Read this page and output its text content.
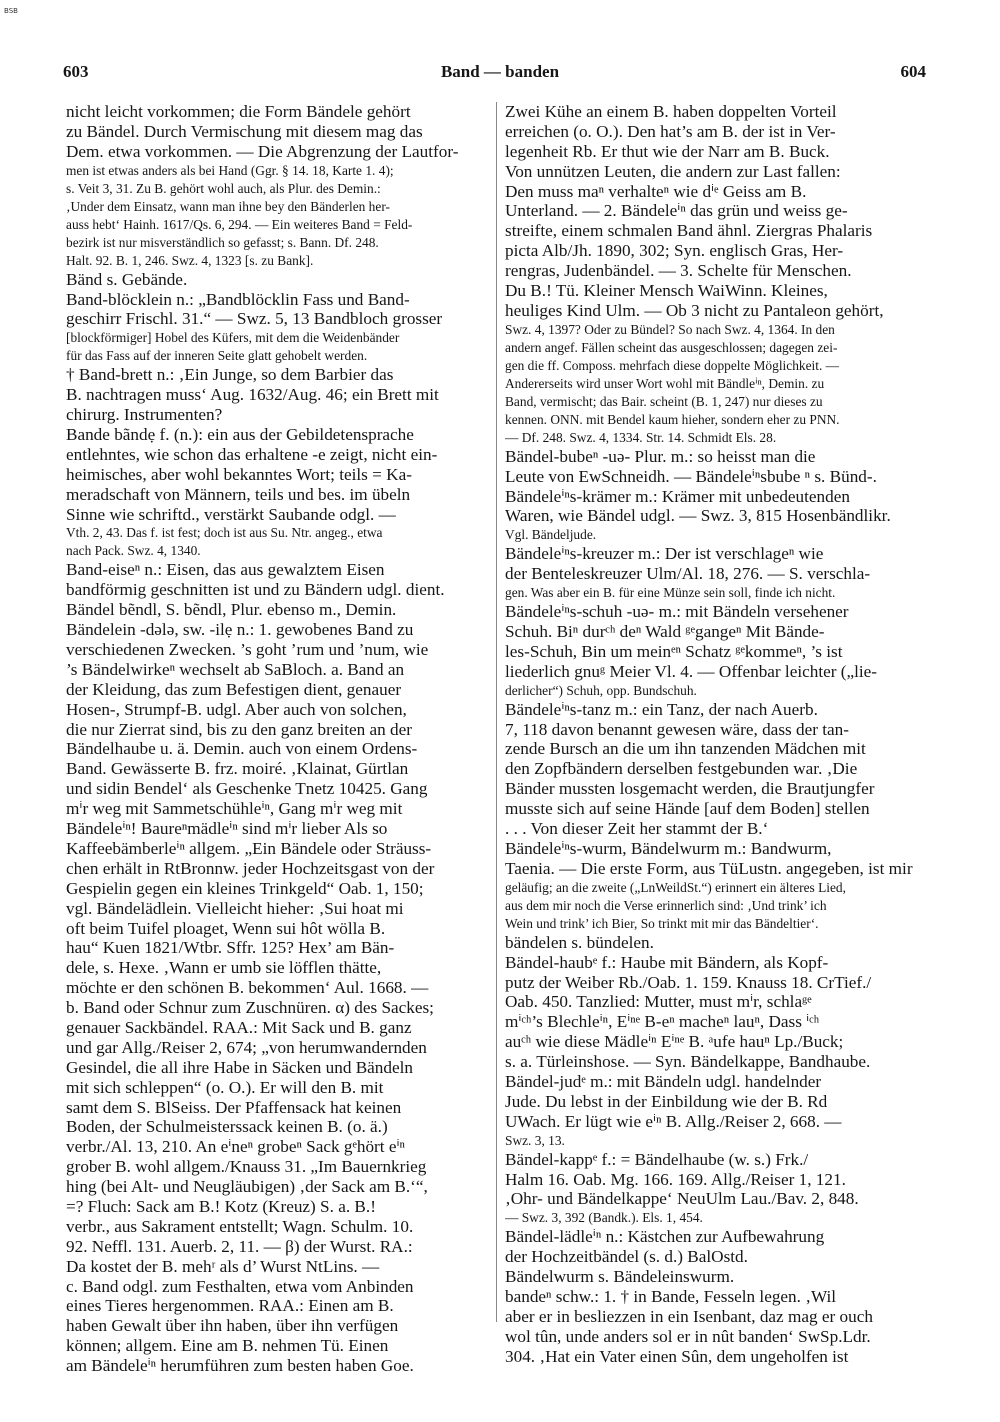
BSB
603	Band — banden	604
nicht leicht vorkommen; die Form Bändele gehört
zu Bändel. Durch Vermischung mit diesem mag das
Dem. etwa vorkommen. — Die Abgrenzung der Lautfor-
men ist etwas anders als bei Hand (Ggr. § 14. 18, Karte 1. 4);
s. Veit 3, 31. Zu B. gehört wohl auch, als Plur. des Demin.:
‚Under dem Einsatz, wann man ihne bey den Bänderlen her-
auss hebt‘ Hainh. 1617/Qs. 6, 294. — Ein weiteres Band = Feld-
bezirk ist nur misverständlich so gefasst; s. Bann. Df. 248.
Halt. 92. B. 1, 246. Swz. 4, 1323 [s. zu Bank].
Bänd s. Gebände.
Band-blöcklein n.: „Bandblöcklin Fass und Band-
geschirr Frischl. 31.“ — Swz. 5, 13 Bandbloch grosser
[blockförmiger] Hobel des Küfers, mit dem die Weidenbänder
für das Fass auf der inneren Seite glatt gehobelt werden.
† Band-brett n.: ‚Ein Junge, so dem Barbier das
B. nachtragen muss‘ Aug. 1632/Aug. 46; ein Brett mit
chirurg. Instrumenten?
Bande bãndẹ f. (n.): ein aus der Gebildetensprache
entlehntes, wie schon das erhaltene -e zeigt, nicht ein-
heimisches, aber wohl bekanntes Wort; teils = Ka-
meradschaft von Männern, teils und bes. im übeln
Sinne wie schriftd., verstärkt Saubande odgl. —
Vth. 2, 43. Das f. ist fest; doch ist aus Su. Ntr. angeg., etwa
nach Pack. Swz. 4, 1340.
Band-eiseⁿ n.: Eisen, das aus gewalztem Eisen
bandförmig geschnitten ist und zu Bändern udgl. dient.
Bändel bẽndl, S. bẽndl, Plur. ebenso m., Demin.
Bändelein -dələ, sw. -ilẹ n.: 1. gewobenes Band zu
verschiedenen Zwecken. ’s goht ’rum und ’num, wie
’s Bändelwirkeⁿ wechselt ab SaBloch. a. Band an
der Kleidung, das zum Befestigen dient, genauer
Hosen-, Strumpf-B. udgl. Aber auch von solchen,
die nur Zierrat sind, bis zu den ganz breiten an der
Bändelhaube u. ä. Demin. auch von einem Ordens-
Band. Gewässerte B. frz. moiré. ‚Klainat, Gürtlan
und sidin Bendel‘ als Geschenke Tnetz 10425. Gang
mⁱr weg mit Sammetschühleⁱⁿ, Gang mⁱr weg mit
Bändeleⁱⁿ! Baureⁿmädleⁱⁿ sind mⁱr lieber Als so
Kaffeebämberleⁱⁿ allgem. „Ein Bändele oder Sträuss-
chen erhält in RtBronnw. jeder Hochzeitsgast von der
Gespielin gegen ein kleines Trinkgeld“ Oab. 1, 150;
vgl. Bändelädlein. Vielleicht hieher: ‚Sui hoat mi
oft beim Tuifel ploaget, Wenn sui hôt wölla B.
hau“ Kuen 1821/Wtbr. Sffr. 125? Hex’ am Bän-
dele, s. Hexe. ‚Wann er umb sie löfflen thätte,
möchte er den schönen B. bekommen‘ Aul. 1668. —
b. Band oder Schnur zum Zuschnüren. α) des Sackes;
genauer Sackbändel. RAA.: Mit Sack und B. ganz
und gar Allg./Reiser 2, 674; „von herumwandernden
Gesindel, die all ihre Habe in Säcken und Bändeln
mit sich schleppen“ (o. O.). Er will den B. mit
samt dem S. BlSeiss. Der Pfaffensack hat keinen
Boden, der Schulmeisterssack keinen B. (o. ä.)
verbr./Al. 13, 210. An eⁱneⁿ grobeⁿ Sack gᵉhört eⁱⁿ
grober B. wohl allgem./Knauss 31. „Im Bauernkrieg
hing (bei Alt- und Neugläubigen) ‚der Sack am B.‘“,
=? Fluch: Sack am B.! Kotz (Kreuz) S. a. B.!
verbr., aus Sakrament entstellt; Wagn. Schulm. 10.
92. Neffl. 131. Auerb. 2, 11. — β) der Wurst. RA.:
Da kostet der B. mehʳ als d’ Wurst NtLins. —
c. Band odgl. zum Festhalten, etwa vom Anbinden
eines Tieres hergenommen. RAA.: Einen am B.
haben Gewalt über ihn haben, über ihn verfügen
können; allgem. Eine am B. nehmen Tü. Einen
am Bändeleⁱⁿ herumführen zum besten haben Goe.
Zwei Kühe an einem B. haben doppelten Vorteil
erreichen (o. O.). Den hat’s am B. der ist in Ver-
legenheit Rb. Er thut wie der Narr am B. Buck.
Von unnützen Leuten, die andern zur Last fallen:
Den muss maⁿ verhalteⁿ wie dⁱᵉ Geiss am B.
Unterland. — 2. Bändeleⁱⁿ das grün und weiss ge-
streifte, einem schmalen Band ähnl. Ziergras Phalaris
picta Alb/Jh. 1890, 302; Syn. englisch Gras, Her-
rengras, Judenbändel. — 3. Schelte für Menschen.
Du B.! Tü. Kleiner Mensch WaiWinn. Kleines,
heuliges Kind Ulm. — Ob 3 nicht zu Pantaleon gehört,
Swz. 4, 1397? Oder zu Bündel? So nach Swz. 4, 1364. In den
andern angef. Fällen scheint das ausgeschlossen; dagegen zei-
gen die ff. Composs. mehrfach diese doppelte Möglichkeit. —
Andererseits wird unser Wort wohl mit Bändleⁱⁿ, Demin. zu
Band, vermischt; das Bair. scheint (B. 1, 247) nur dieses zu
kennen. ONN. mit Bendel kaum hieher, sondern eher zu PNN.
— Df. 248. Swz. 4, 1334. Str. 14. Schmidt Els. 28.
Bändel-bubeⁿ -uə- Plur. m.: so heisst man die
Leute von EwSchneidh. — Bändeleⁱⁿsbube ⁿ s. Bünd-.
Bändeleⁱⁿs-krämer m.: Krämer mit unbedeutenden
Waren, wie Bändel udgl. — Swz. 3, 815 Hosenbändlikr.
Vgl. Bändeljude.
Bändeleⁱⁿs-kreuzer m.: Der ist verschlageⁿ wie
der Benteleskreuzer Ulm/Al. 18, 276. — S. verschla-
gen. Was aber ein B. für eine Münze sein soll, finde ich nicht.
Bändeleⁱⁿs-schuh -uə- m.: mit Bändeln versehener
Schuh. Biⁿ durᶜʰ deⁿ Wald ᵍᵉgangeⁿ Mit Bände-
les-Schuh, Bin um meinᵉⁿ Schatz ᵍᵉkommeⁿ, ’s ist
liederlich gnuᵍ Meier Vl. 4. — Offenbar leichter („lie-
derlicher“) Schuh, opp. Bundschuh.
Bändeleⁱⁿs-tanz m.: ein Tanz, der nach Auerb.
7, 118 davon benannt gewesen wäre, dass der tan-
zende Bursch an die um ihn tanzenden Mädchen mit
den Zopfbändern derselben festgebunden war. ‚Die
Bänder mussten losgemacht werden, die Brautjungfer
musste sich auf seine Hände [auf dem Boden] stellen
. . . Von dieser Zeit her stammt der B.‘
Bändeleⁱⁿs-wurm, Bändelwurm m.: Bandwurm,
Taenia. — Die erste Form, aus TüLustn. angegeben, ist mir
geläufig; an die zweite („LnWeildSt.“) erinnert ein älteres Lied,
aus dem mir noch die Verse erinnerlich sind: ‚Und trink’ ich
Wein und trink’ ich Bier, So trinkt mit mir das Bändeltier‘.
bändelen s. bündelen.
Bändel-haubᵉ f.: Haube mit Bändern, als Kopf-
putz der Weiber Rb./Oab. 1. 159. Knauss 18. CrTief./
Oab. 450. Tanzlied: Mutter, must mⁱr, schlaᵍᵉ
mⁱᶜʰ’s Blechleⁱⁿ, Eⁱⁿᵉ B-eⁿ macheⁿ lauⁿ, Dass ⁱᶜʰ
auᶜʰ wie diese Mädleⁱⁿ Eⁱⁿᵉ B. ᵃufe hauⁿ Lp./Buck;
s. a. Türleinshose. — Syn. Bändelkappe, Bandhaube.
Bändel-judᵉ m.: mit Bändeln udgl. handelnder
Jude. Du lebst in der Einbildung wie der B. Rd
UWach. Er lügt wie eⁱⁿ B. Allg./Reiser 2, 668. —
Swz. 3, 13.
Bändel-kappᵉ f.: = Bändelhaube (w. s.) Frk./
Halm 16. Oab. Mg. 166. 169. Allg./Reiser 1, 121.
‚Ohr- und Bändelkappe‘ NeuUlm Lau./Bav. 2, 848.
— Swz. 3, 392 (Bandk.). Els. 1, 454.
Bändel-lädleⁱⁿ n.: Kästchen zur Aufbewahrung
der Hochzeitbändel (s. d.) BalOstd.
Bändelwurm s. Bändeleinswurm.
bandeⁿ schw.: 1. † in Bande, Fesseln legen. ‚Wil
aber er in besliezzen in ein Isenbant, daz mag er ouch
wol tûn, unde anders sol er in nût banden‘ SwSp.Ldr.
304. ‚Hat ein Vater einen Sûn, dem ungeholfen ist
